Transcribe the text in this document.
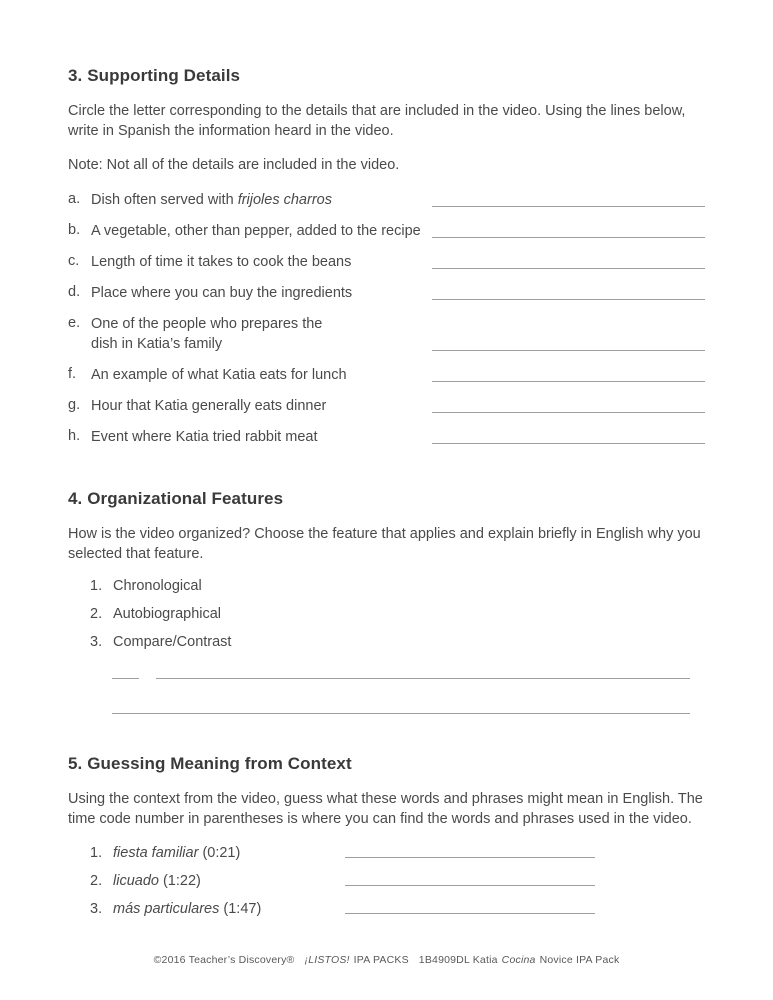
3. Supporting Details

Circle the letter corresponding to the details that are included in the video. Using the lines below, write in Spanish the information heard in the video.

Note: Not all of the details are included in the video.

a. Dish often served with frijoles charros
b. A vegetable, other than pepper, added to the recipe
c. Length of time it takes to cook the beans
d. Place where you can buy the ingredients
e. One of the people who prepares the
dish in Katia’s family
f.	An example of what Katia eats for lunch
g. Hour that Katia generally eats dinner
h. Event where Katia tried rabbit meat
4. Organizational Features

How is the video organized? Choose the feature that applies and explain briefly in English why you selected that feature.

1. Chronological
2. Autobiographical
3. Compare/Contrast
5. Guessing Meaning from Context

Using the context from the video, guess what these words and phrases might mean in English. The time code number in parentheses is where you can find the words and phrases used in the video.

1. fiesta familiar (0:21)
2. licuado (1:22)
3. más particulares (1:47)
©2016 Teacher’s Discovery® ¡LISTOS! IPA PACKS 1B4909DL Katia Cocina Novice IPA Pack
